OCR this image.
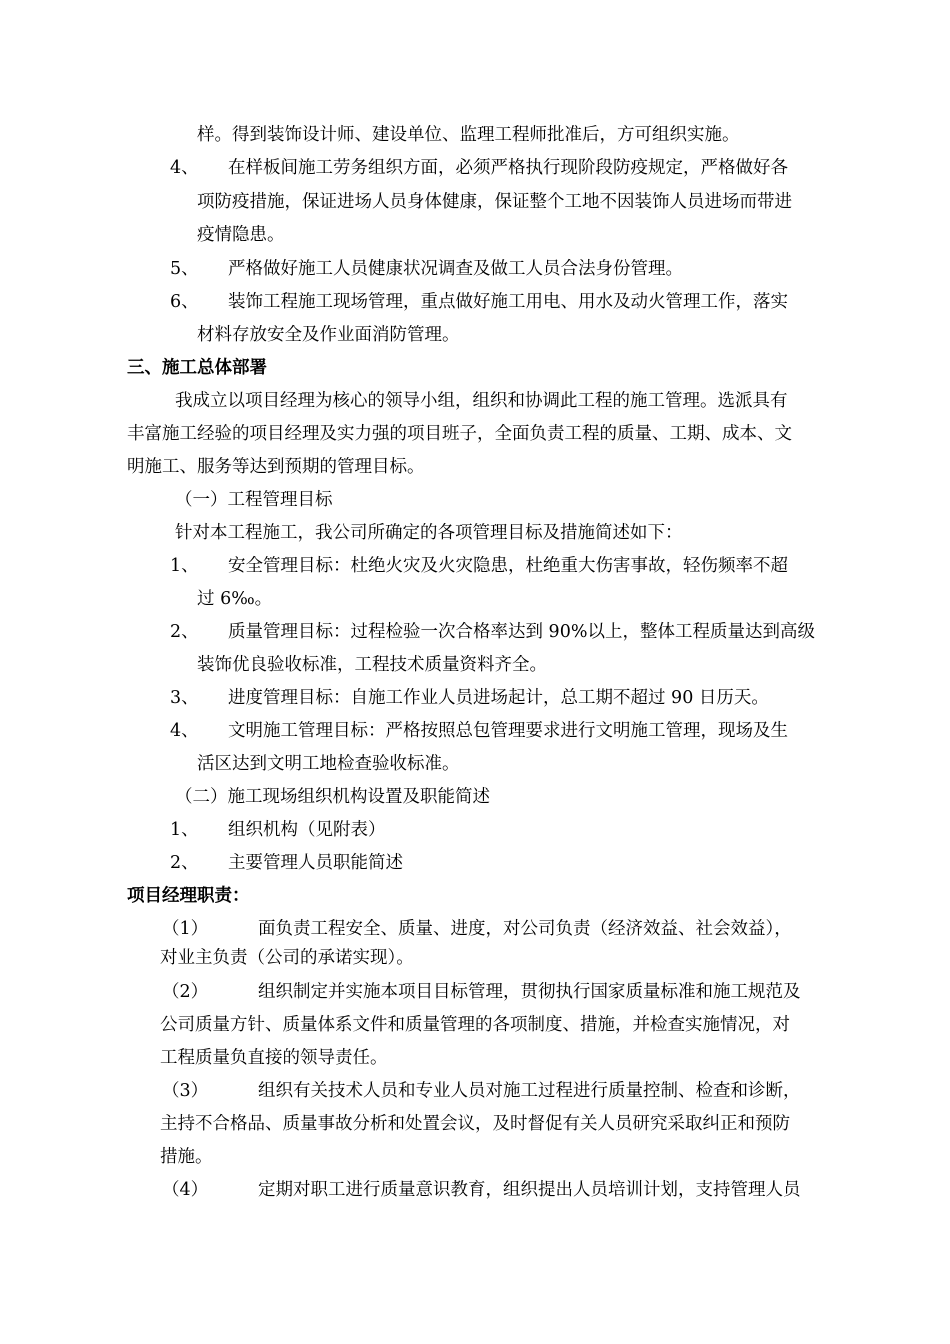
样。得到装饰设计师、建设单位、监理工程师批准后，方可组织实施。
4、 在样板间施工劳务组织方面，必须严格执行现阶段防疫规定，严格做好各
项防疫措施，保证进场人员身体健康，保证整个工地不因装饰人员进场而带进
疫情隐患。
5、 严格做好施工人员健康状况调查及做工人员合法身份管理。
6、 装饰工程施工现场管理，重点做好施工用电、用水及动火管理工作，落实
材料存放安全及作业面消防管理。
三、施工总体部署
我成立以项目经理为核心的领导小组，组织和协调此工程的施工管理。选派具有
丰富施工经验的项目经理及实力强的项目班子，全面负责工程的质量、工期、成本、文
明施工、服务等达到预期的管理目标。
（一）工程管理目标
针对本工程施工，我公司所确定的各项管理目标及措施简述如下：
1、 安全管理目标：杜绝火灾及火灾隐患，杜绝重大伤害事故，轻伤频率不超
过 6‰。
2、 质量管理目标：过程检验一次合格率达到 90%以上，整体工程质量达到高级
装饰优良验收标准，工程技术质量资料齐全。
3、 进度管理目标：自施工作业人员进场起计，总工期不超过 90 日历天。
4、 文明施工管理目标：严格按照总包管理要求进行文明施工管理，现场及生
活区达到文明工地检查验收标准。
（二）施工现场组织机构设置及职能简述
1、 组织机构（见附表）
2、 主要管理人员职能简述
项目经理职责：
（1）	面负责工程安全、质量、进度，对公司负责（经济效益、社会效益），
对业主负责（公司的承诺实现）。
（2）	组织制定并实施本项目目标管理，贯彻执行国家质量标准和施工规范及
公司质量方针、质量体系文件和质量管理的各项制度、措施，并检查实施情况，对
工程质量负直接的领导责任。
（3）	组织有关技术人员和专业人员对施工过程进行质量控制、检查和诊断，
主持不合格品、质量事故分析和处置会议，及时督促有关人员研究采取纠正和预防
措施。
（4）	定期对职工进行质量意识教育，组织提出人员培训计划，支持管理人员
